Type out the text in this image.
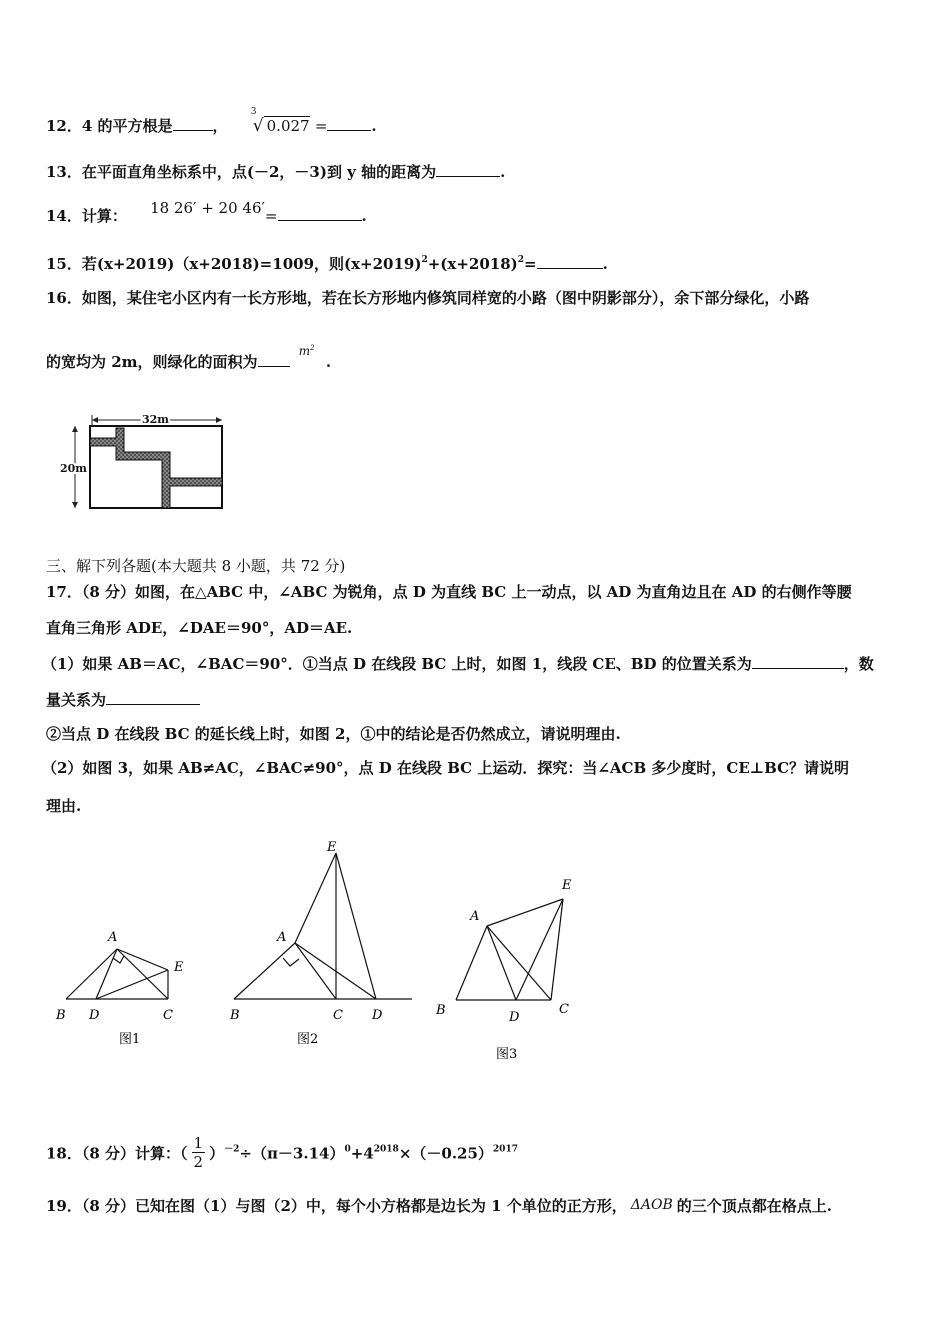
12．4 的平方根是	，
3
√ 0.027 =	.
13．在平面直角坐标系中，点(－2，－3)到 y 轴的距离为	.
14．计算： 18 26′ + 20 46′=	.
15．若(x+2019)（x+2018)=1009，则$(x+2019)^2+(x+2018)^2=$	.
16．如图，某住宅小区内有一长方形地，若在长方形地内修筑同样宽的小路（图中阴影部分），余下部分绿化，小路
的宽均为 2m，则绿化的面积为 $^{m^2}$ .
32m
20m
三、解下列各题(本大题共 8 小题，共 72 分)
17．（8 分）如图，在△ABC 中，∠ABC 为锐角，点 D 为直线 BC 上一动点，以 AD 为直角边且在 AD 的右侧作等腰
直角三角形 ADE，∠DAE＝90°，AD＝AE.
（1）如果 AB＝AC，∠BAC＝90°．①当点 D 在线段 BC 上时，如图 1，线段 CE、BD 的位置关系为	，数
量关系为
②当点 D 在线段 BC 的延长线上时，如图 2，①中的结论是否仍然成立，请说明理由.
（2）如图 3，如果 AB≠AC，∠BAC≠90°，点 D 在线段 BC 上运动．探究：当∠ACB 多少度时，CE⊥BC？请说明
理由.
A
B D	C
E
图1
A
E
B	C D
图2
A
E
B	D
C
图3
18．（8 分）计算：（ $\frac{1}{2} )^{-2}\div(\pi-3.14)^0+4^{2018}\times(-0.25)^{2017}$
19．（8 分）已知在图（1）与图（2）中，每个小方格都是边长为 1 个单位的正方形， ΔAOB 的三个顶点都在格点上.
